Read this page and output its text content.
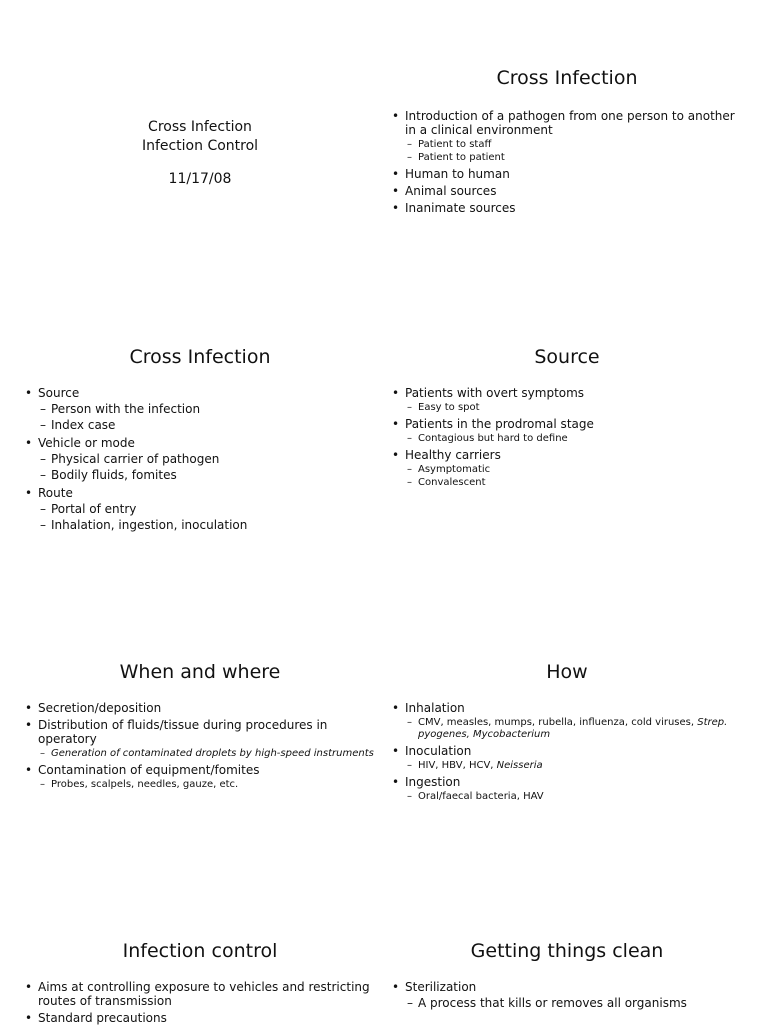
Cross Infection
Infection Control
11/17/08
Cross Infection
• Introduction of a pathogen from one person to another in a clinical environment
– Patient to staff
– Patient to patient
• Human to human
• Animal sources
• Inanimate sources
Cross Infection
• Source
– Person with the infection
– Index case
• Vehicle or mode
– Physical carrier of pathogen
– Bodily fluids, fomites
• Route
– Portal of entry
– Inhalation, ingestion, inoculation
Source
• Patients with overt symptoms
– Easy to spot
• Patients in the prodromal stage
– Contagious but hard to define
• Healthy carriers
– Asymptomatic
– Convalescent
When and where
• Secretion/deposition
• Distribution of fluids/tissue during procedures in operatory
– Generation of contaminated droplets by high-speed instruments
• Contamination of equipment/fomites
– Probes, scalpels, needles, gauze, etc.
How
• Inhalation
– CMV, measles, mumps, rubella, influenza, cold viruses, Strep. pyogenes, Mycobacterium
• Inoculation
– HIV, HBV, HCV, Neisseria
• Ingestion
– Oral/faecal bacteria, HAV
Infection control
• Aims at controlling exposure to vehicles and restricting routes of transmission
• Standard precautions
Getting things clean
• Sterilization
– A process that kills or removes all organisms
